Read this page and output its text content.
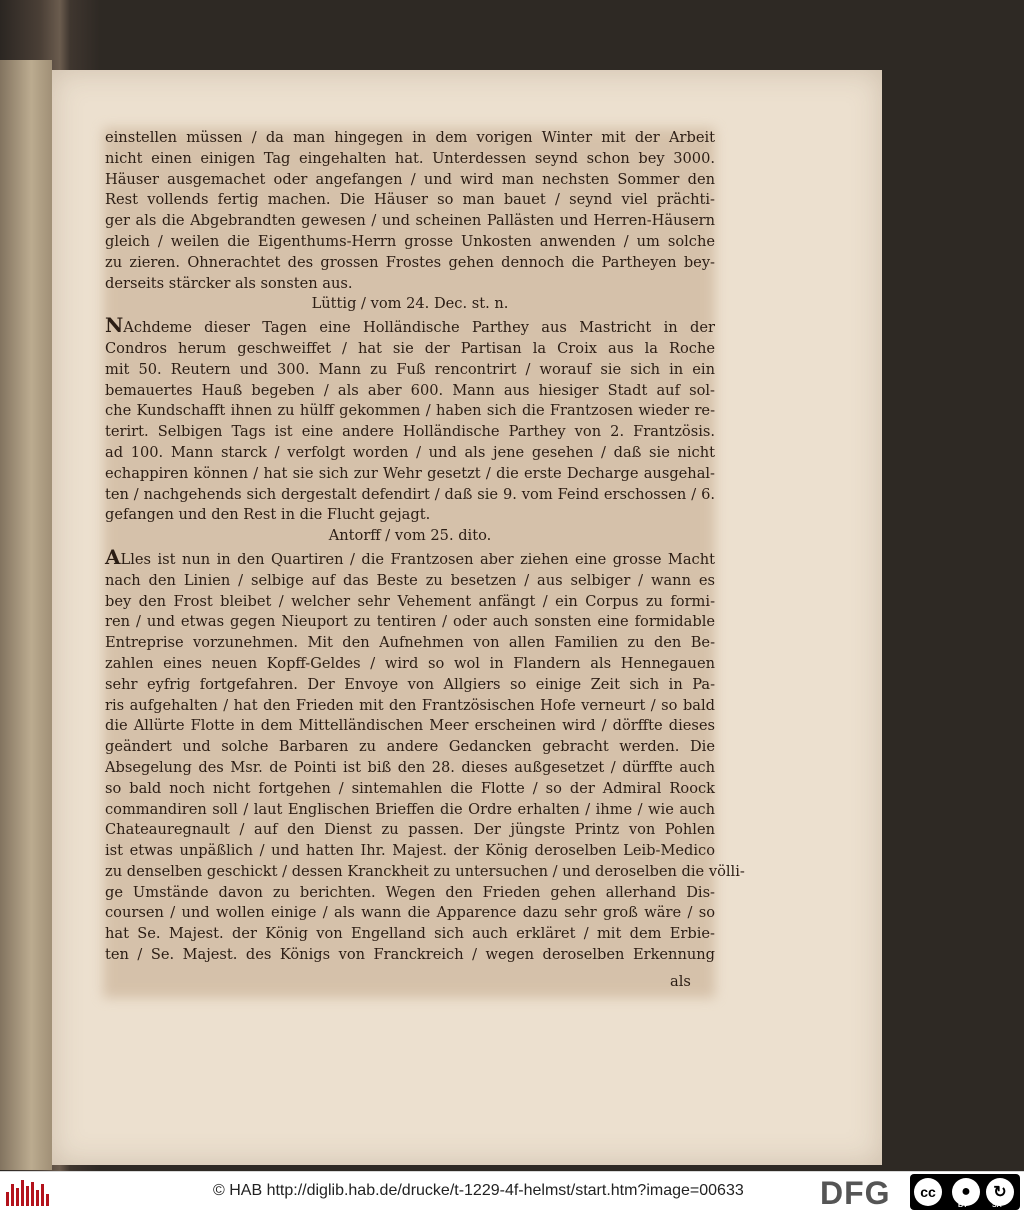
einstellen müssen / da man hingegen in dem vorigen Winter mit der Arbeit
nicht einen einigen Tag eingehalten hat. Unterdessen seynd schon bey 3000.
Häuser ausgemachet oder angefangen / und wird man nechsten Sommer den
Rest vollends fertig machen. Die Häuser so man bauet / seynd viel prächti-
ger als die Abgebrandten gewesen / und scheinen Pallästen und Herren-Häusern
gleich / weilen die Eigenthums-Herrn grosse Unkosten anwenden / um solche
zu zieren. Ohnerachtet des grossen Frostes gehen dennoch die Partheyen bey-
derseits stärcker als sonsten aus.

Lüttig / vom 24. Dec. st. n.

NAchdeme dieser Tagen eine Holländische Parthey aus Mastricht in der
Condros herum geschweiffet / hat sie der Partisan la Croix aus la Roche
mit 50. Reutern und 300. Mann zu Fuß rencontrirt / worauf sie sich in ein
bemauertes Hauß begeben / als aber 600. Mann aus hiesiger Stadt auf sol-
che Kundschafft ihnen zu hülff gekommen / haben sich die Frantzosen wieder re-
terirt. Selbigen Tags ist eine andere Holländische Parthey von 2. Frantzösis.
ad 100. Mann starck / verfolgt worden / und als jene gesehen / daß sie nicht
echappiren können / hat sie sich zur Wehr gesetzt / die erste Decharge ausgehal-
ten / nachgehends sich dergestalt defendirt / daß sie 9. vom Feind erschossen / 6.
gefangen und den Rest in die Flucht gejagt.

Antorff / vom 25. dito.

ALles ist nun in den Quartiren / die Frantzosen aber ziehen eine grosse Macht
nach den Linien / selbige auf das Beste zu besetzen / aus selbiger / wann es
bey den Frost bleibet / welcher sehr Vehement anfängt / ein Corpus zu formi-
ren / und etwas gegen Nieuport zu tentiren / oder auch sonsten eine formidable
Entreprise vorzunehmen. Mit den Aufnehmen von allen Familien zu den Be-
zahlen eines neuen Kopff-Geldes / wird so wol in Flandern als Hennegauen
sehr eyfrig fortgefahren. Der Envoye von Allgiers so einige Zeit sich in Pa-
ris aufgehalten / hat den Frieden mit den Frantzösischen Hofe verneurt / so bald
die Allürte Flotte in dem Mittelländischen Meer erscheinen wird / dörffte dieses
geändert und solche Barbaren zu andere Gedancken gebracht werden. Die
Absegelung des Msr. de Pointi ist biß den 28. dieses außgesetzet / dürffte auch
so bald noch nicht fortgehen / sintemahlen die Flotte / so der Admiral Roock
commandiren soll / laut Englischen Brieffen die Ordre erhalten / ihme / wie auch
Chateauregnault / auf den Dienst zu passen. Der jüngste Printz von Pohlen
ist etwas unpäßlich / und hatten Ihr. Majest. der König deroselben Leib-Medico
zu denselben geschickt / dessen Kranckheit zu untersuchen / und deroselben die völli-
ge Umstände davon zu berichten. Wegen den Frieden gehen allerhand Dis-
coursen / und wollen einige / als wann die Apparence dazu sehr groß wäre / so
hat Se. Majest. der König von Engelland sich auch erkläret / mit dem Erbie-
ten / Se. Majest. des Königs von Franckreich / wegen deroselben Erkennung

als
© HAB http://diglib.hab.de/drucke/t-1229-4f-helmst/start.htm?image=00633 DFG	cc	●	↻
BY	SA
